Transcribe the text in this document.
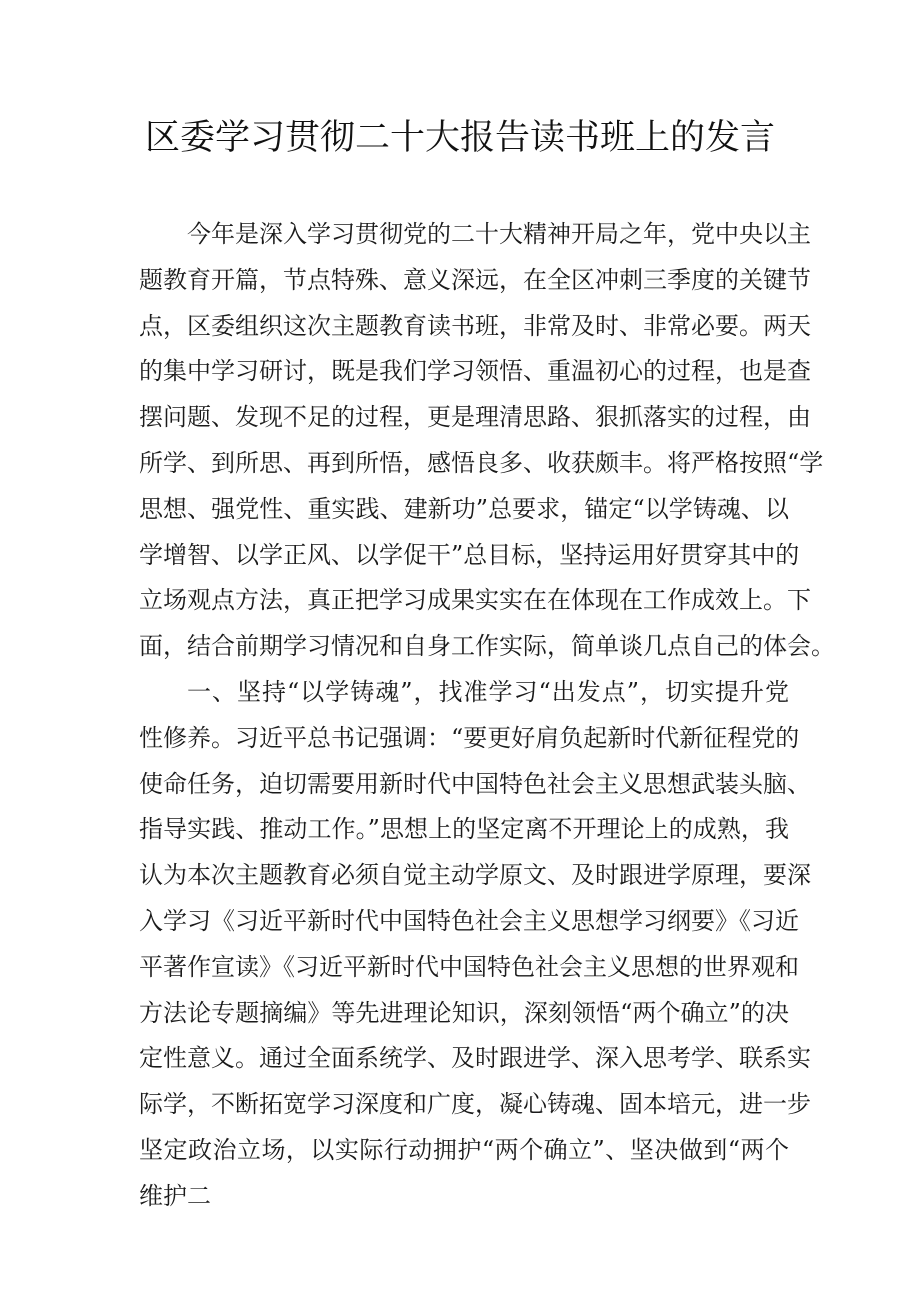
区委学习贯彻二十大报告读书班上的发言
今年是深入学习贯彻党的二十大精神开局之年，党中央以主
题教育开篇，节点特殊、意义深远，在全区冲刺三季度的关键节
点，区委组织这次主题教育读书班，非常及时、非常必要。两天
的集中学习研讨，既是我们学习领悟、重温初心的过程，也是查
摆问题、发现不足的过程，更是理清思路、狠抓落实的过程，由
所学、到所思、再到所悟，感悟良多、收获颇丰。将严格按照“学
思想、强党性、重实践、建新功”总要求，锚定“以学铸魂、以
学增智、以学正风、以学促干”总目标，坚持运用好贯穿其中的
立场观点方法，真正把学习成果实实在在体现在工作成效上。下
面，结合前期学习情况和自身工作实际，简单谈几点自己的体会。
一、坚持“以学铸魂”，找准学习“出发点”，切实提升党
性修养。习近平总书记强调：“要更好肩负起新时代新征程党的
使命任务，迫切需要用新时代中国特色社会主义思想武装头脑、
指导实践、推动工作。”思想上的坚定离不开理论上的成熟，我
认为本次主题教育必须自觉主动学原文、及时跟进学原理，要深
入学习《习近平新时代中国特色社会主义思想学习纲要》《习近
平著作宣读》《习近平新时代中国特色社会主义思想的世界观和
方法论专题摘编》等先进理论知识，深刻领悟“两个确立”的决
定性意义。通过全面系统学、及时跟进学、深入思考学、联系实
际学，不断拓宽学习深度和广度，凝心铸魂、固本培元，进一步
坚定政治立场，以实际行动拥护“两个确立”、坚决做到“两个
维护二
